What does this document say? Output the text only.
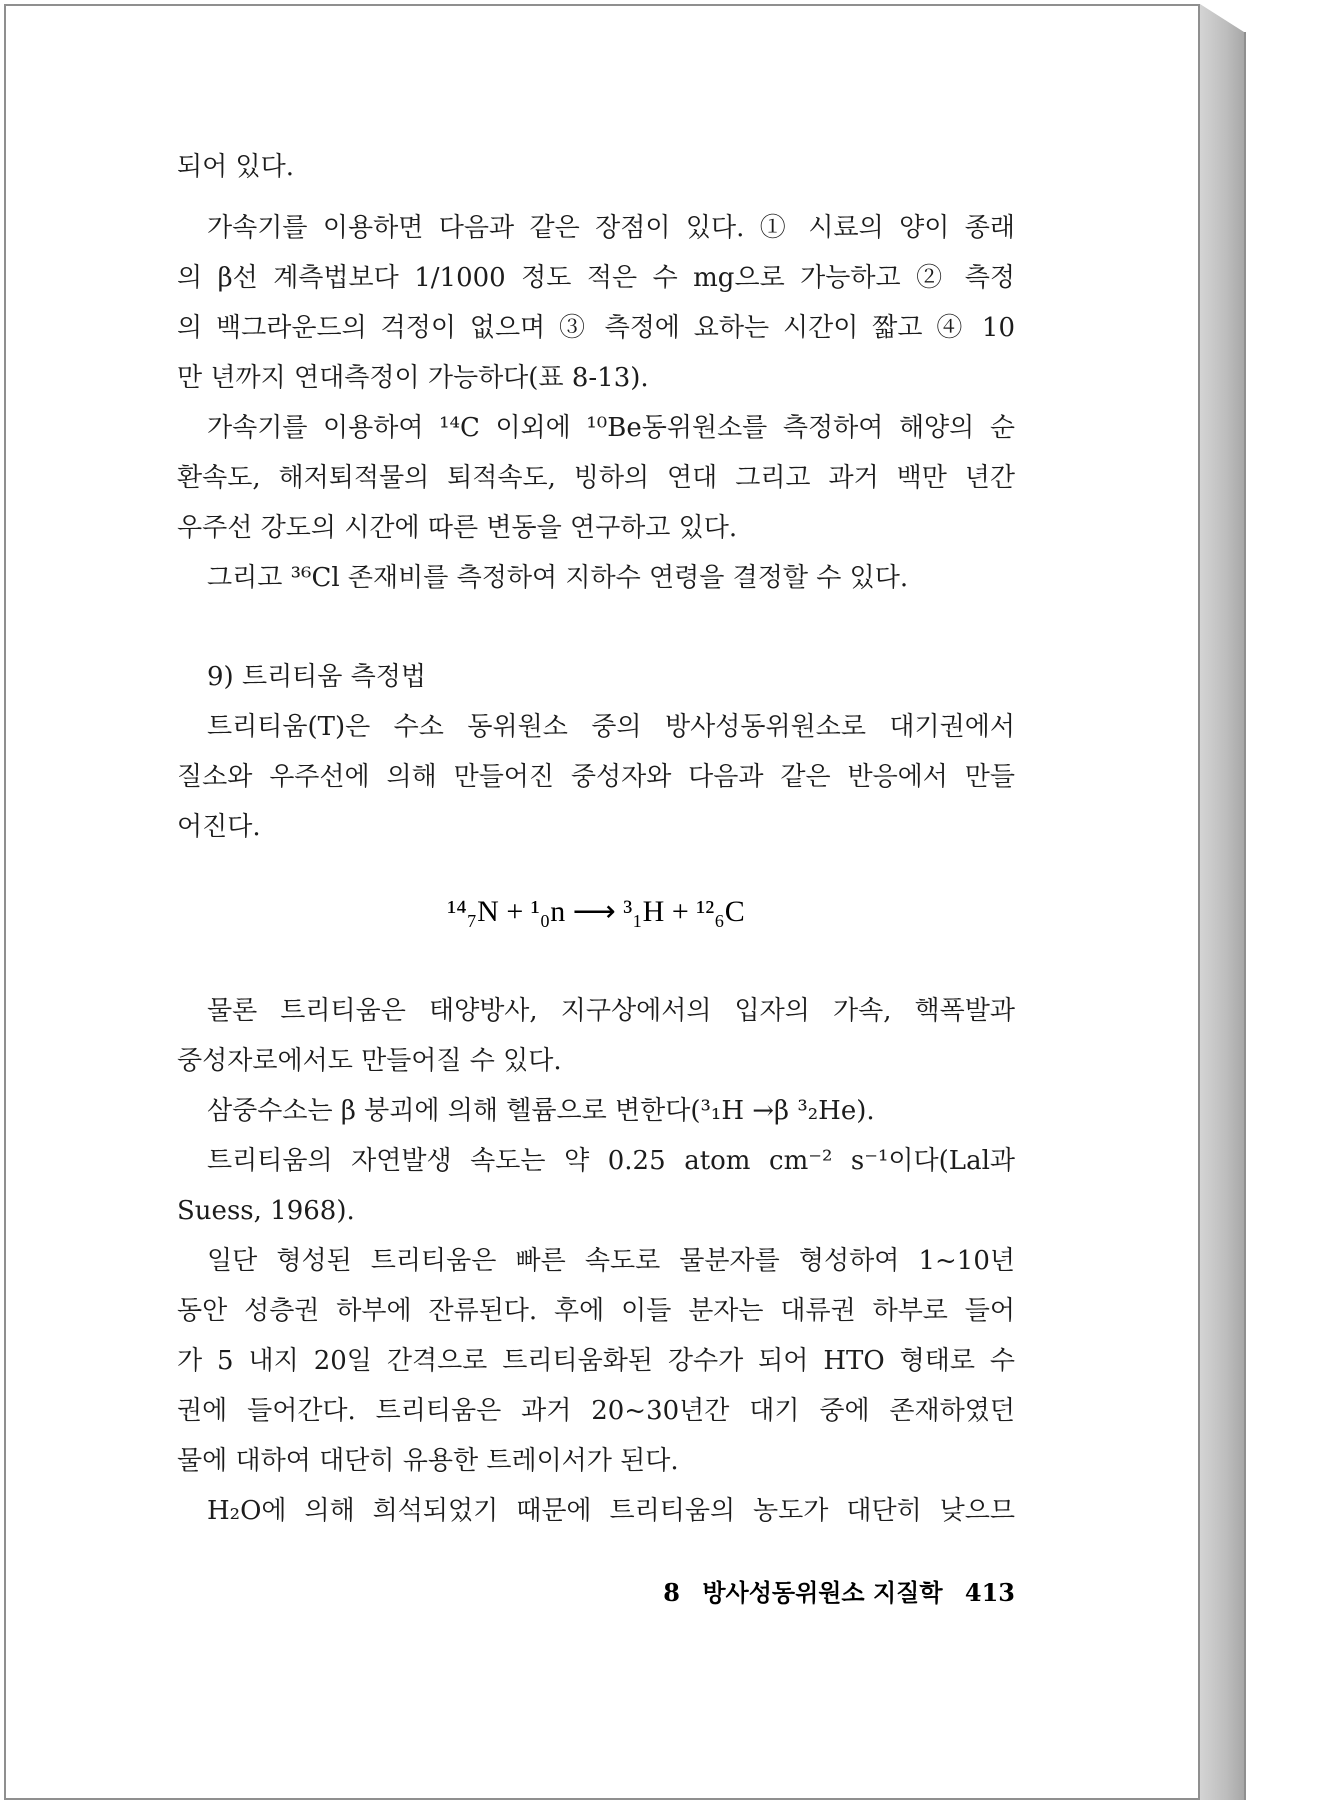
되어 있다.
가속기를 이용하면 다음과 같은 장점이 있다. ① 시료의 양이 종래
의 β선 계측법보다 1/1000 정도 적은 수 mg으로 가능하고 ② 측정
의 백그라운드의 걱정이 없으며 ③ 측정에 요하는 시간이 짧고 ④ 10
만 년까지 연대측정이 가능하다(표 8-13).
가속기를 이용하여 ¹⁴C 이외에 ¹⁰Be동위원소를 측정하여 해양의 순
환속도, 해저퇴적물의 퇴적속도, 빙하의 연대 그리고 과거 백만 년간
우주선 강도의 시간에 따른 변동을 연구하고 있다.
그리고 ³⁶Cl 존재비를 측정하여 지하수 연령을 결정할 수 있다.
9) 트리티움 측정법
트리티움(T)은 수소 동위원소 중의 방사성동위원소로 대기권에서
질소와 우주선에 의해 만들어진 중성자와 다음과 같은 반응에서 만들
어진다.
물론 트리티움은 태양방사, 지구상에서의 입자의 가속, 핵폭발과
중성자로에서도 만들어질 수 있다.
삼중수소는 β 붕괴에 의해 헬륨으로 변한다(³₁H →β ³₂He).
트리티움의 자연발생 속도는 약 0.25 atom cm⁻² s⁻¹이다(Lal과
Suess, 1968).
일단 형성된 트리티움은 빠른 속도로 물분자를 형성하여 1~10년
동안 성층권 하부에 잔류된다. 후에 이들 분자는 대류권 하부로 들어
가 5 내지 20일 간격으로 트리티움화된 강수가 되어 HTO 형태로 수
권에 들어간다. 트리티움은 과거 20~30년간 대기 중에 존재하였던
물에 대하여 대단히 유용한 트레이서가 된다.
H₂O에 의해 희석되었기 때문에 트리티움의 농도가 대단히 낮으므
¹⁴₇N + ¹₀n ⟶ ³₁H + ¹²₆C
8 방사성동위원소 지질학 413
